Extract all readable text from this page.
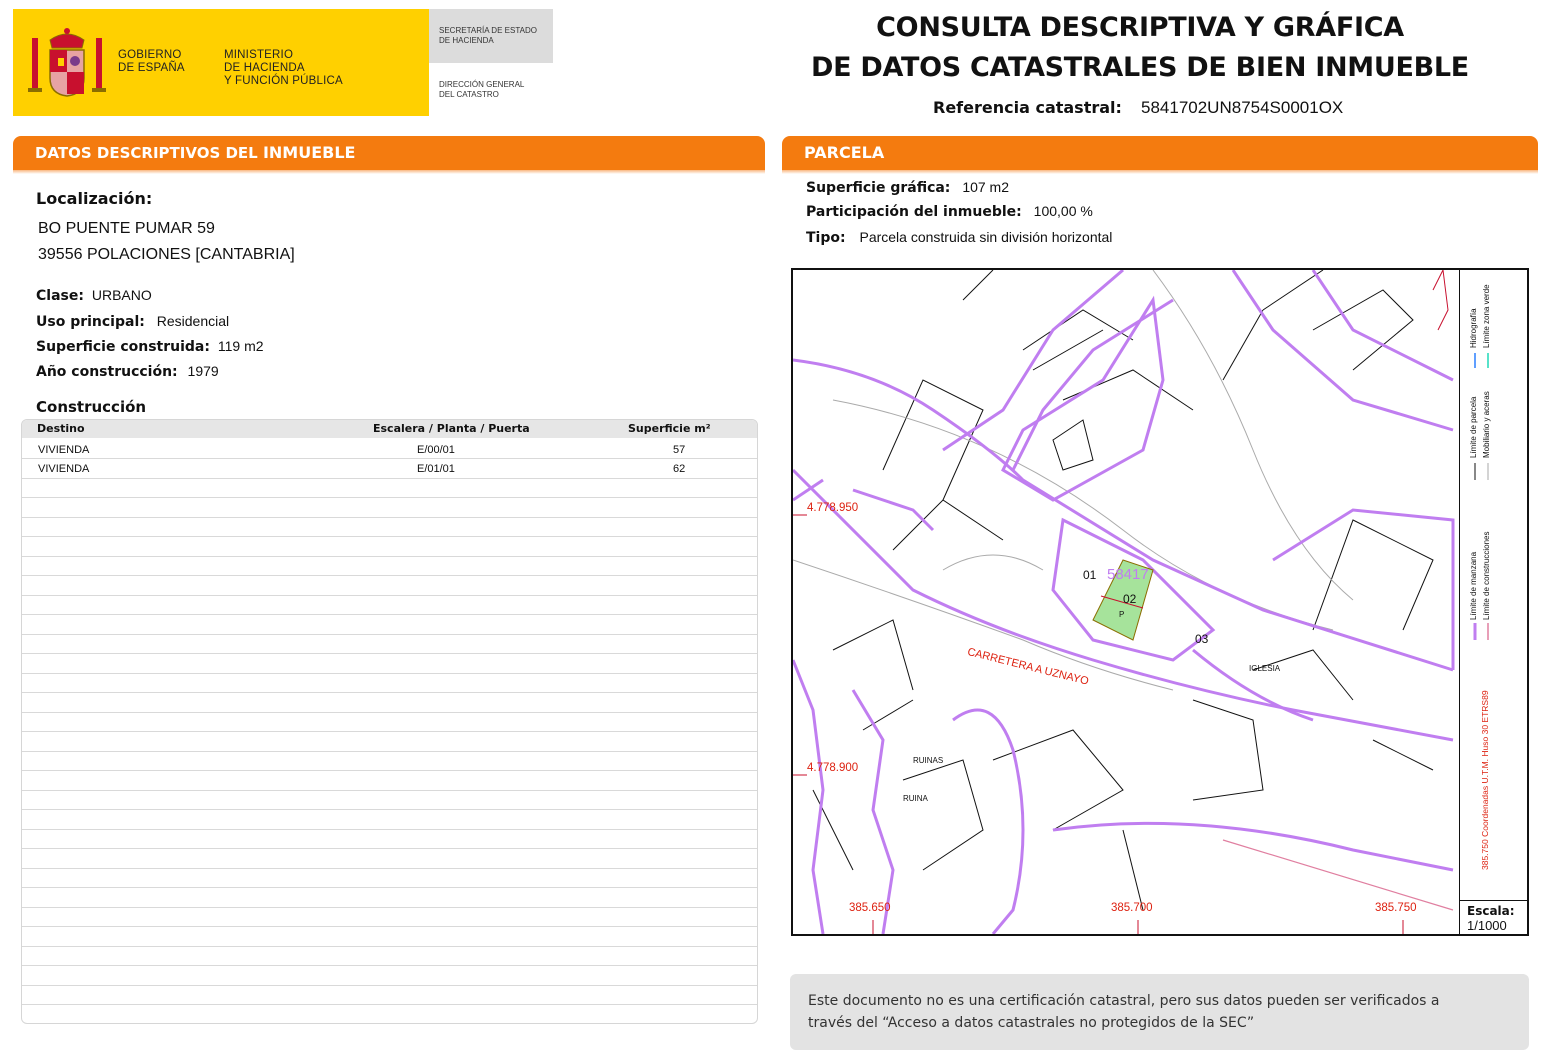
GOBIERNO
DE ESPAÑA
MINISTERIO
DE HACIENDA
Y FUNCIÓN PÚBLICA
SECRETARÍA DE ESTADO
DE HACIENDA
DIRECCIÓN GENERAL
DEL CATASTRO
CONSULTA DESCRIPTIVA Y GRÁFICA
DE DATOS CATASTRALES DE BIEN INMUEBLE
Referencia catastral: 5841702UN8754S0001OX
DATOS DESCRIPTIVOS DEL INMUEBLE
Localización:
BO PUENTE PUMAR 59
39556 POLACIONES [CANTABRIA]
Clase: URBANO
Uso principal: Residencial
Superficie construida: 119 m2
Año construcción: 1979
Construcción
Destino	Escalera / Planta / Puerta	Superficie m²
VIVIENDA	E/00/01	57
VIVIENDA	E/01/01	62
PARCELA
Superficie gráfica: 107 m2
Participación del inmueble: 100,00 %
Tipo: Parcela construida sin división horizontal
385.650	385.700	385.750
4.778.950
4.778.900
CARRETERA A UZNAYO	IGLESIA
RUINAS
RUINA
01
02
03
58417
P	Límite de manzana
Límite de parcela
Hidrografía
Límite de construcciones
Mobiliario y aceras
Límite zona verde
385.750 Coordenadas U.T.M. Huso 30 ETRS89
Escala:
1/1000
Este documento no es una certificación catastral, pero sus datos pueden ser verificados a
través del “Acceso a datos catastrales no protegidos de la SEC”
